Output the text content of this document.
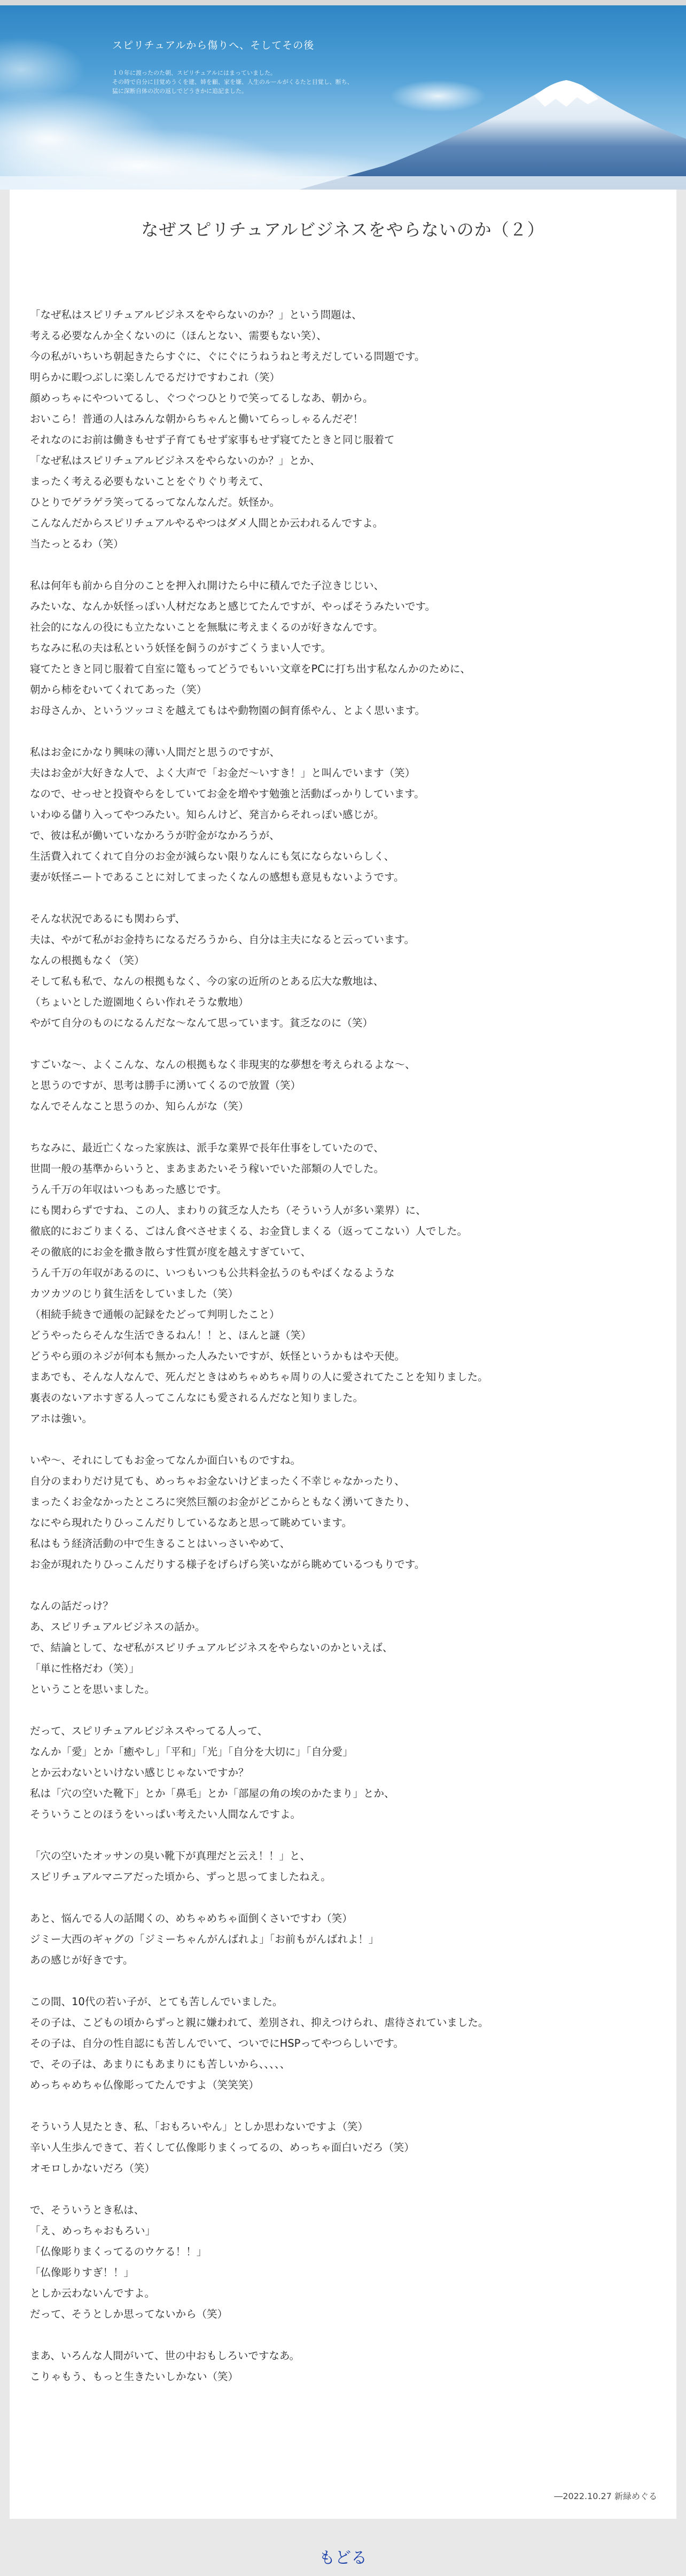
スピリチュアルから傷りへ、そしてその後
１０年に渡ったのた朝、スピリチュアルにはまっていました。
その時で自分に目覚めうくを建、姉を顧、家を嫌、人生のルールがくるたと目覚し、断ち、
猛に深断自体の次の返しでどうきかに追記ました。
なぜスピリチュアルビジネスをやらないのか（２）
「なぜ私はスピリチュアルビジネスをやらないのか？」という問題は、
考える必要なんか全くないのに（ほんとない、需要もない笑）、
今の私がいちいち朝起きたらすぐに、ぐにぐにうねうねと考えだしている問題です。
明らかに暇つぶしに楽しんでるだけですわこれ（笑）
顔めっちゃにやついてるし、ぐつぐつひとりで笑ってるしなあ、朝から。
おいこら！普通の人はみんな朝からちゃんと働いてらっしゃるんだぞ！
それなのにお前は働きもせず子育てもせず家事もせず寝てたときと同じ服着て
「なぜ私はスピリチュアルビジネスをやらないのか？」とか、
まったく考える必要もないことをぐりぐり考えて、
ひとりでゲラゲラ笑ってるってなんなんだ。妖怪か。
こんなんだからスピリチュアルやるやつはダメ人間とか云われるんですよ。
当たっとるわ（笑）
私は何年も前から自分のことを押入れ開けたら中に積んでた子泣きじじい、
みたいな、なんか妖怪っぽい人材だなあと感じてたんですが、やっぱそうみたいです。
社会的になんの役にも立たないことを無駄に考えまくるのが好きなんです。
ちなみに私の夫は私という妖怪を飼うのがすごくうまい人です。
寝てたときと同じ服着て自室に篭もってどうでもいい文章をPCに打ち出す私なんかのために、
朝から柿をむいてくれてあった（笑）
お母さんか、というツッコミを越えてもはや動物園の飼育係やん、とよく思います。
私はお金にかなり興味の薄い人間だと思うのですが、
夫はお金が大好きな人で、よく大声で「お金だ〜いすき！」と叫んでいます（笑）
なので、せっせと投資やらをしていてお金を増やす勉強と活動ばっかりしています。
いわゆる儲り入ってやつみたい。知らんけど、発言からそれっぽい感じが。
で、彼は私が働いていなかろうが貯金がなかろうが、
生活費入れてくれて自分のお金が減らない限りなんにも気にならないらしく、
妻が妖怪ニートであることに対してまったくなんの感想も意見もないようです。
そんな状況であるにも関わらず、
夫は、やがて私がお金持ちになるだろうから、自分は主夫になると云っています。
なんの根拠もなく（笑）
そして私も私で、なんの根拠もなく、今の家の近所のとある広大な敷地は、
（ちょいとした遊園地くらい作れそうな敷地）
やがて自分のものになるんだな〜なんて思っています。貧乏なのに（笑）
すごいな〜、よくこんな、なんの根拠もなく非現実的な夢想を考えられるよな〜、
と思うのですが、思考は勝手に湧いてくるので放置（笑）
なんでそんなこと思うのか、知らんがな（笑）
ちなみに、最近亡くなった家族は、派手な業界で長年仕事をしていたので、
世間一般の基準からいうと、まあまあたいそう稼いでいた部類の人でした。
うん千万の年収はいつもあった感じです。
にも関わらずですね、この人、まわりの貧乏な人たち（そういう人が多い業界）に、
徹底的におごりまくる、ごはん食べさせまくる、お金貸しまくる（返ってこない）人でした。
その徹底的にお金を撒き散らす性質が度を越えすぎていて、
うん千万の年収があるのに、いつもいつも公共料金払うのもやばくなるような
カツカツのじり貧生活をしていました（笑）
（相続手続きで通帳の記録をたどって判明したこと）
どうやったらそんな生活できるねん！！と、ほんと謎（笑）
どうやら頭のネジが何本も無かった人みたいですが、妖怪というかもはや天使。
まあでも、そんな人なんで、死んだときはめちゃめちゃ周りの人に愛されてたことを知りました。
裏表のないアホすぎる人ってこんなにも愛されるんだなと知りました。
アホは強い。
いや〜、それにしてもお金ってなんか面白いものですね。
自分のまわりだけ見ても、めっちゃお金ないけどまったく不幸じゃなかったり、
まったくお金なかったところに突然巨額のお金がどこからともなく湧いてきたり、
なにやら現れたりひっこんだりしているなあと思って眺めています。
私はもう経済活動の中で生きることはいっさいやめて、
お金が現れたりひっこんだりする様子をげらげら笑いながら眺めているつもりです。
なんの話だっけ？
あ、スピリチュアルビジネスの話か。
で、結論として、なぜ私がスピリチュアルビジネスをやらないのかといえば、
「単に性格だわ（笑）」
ということを思いました。
だって、スピリチュアルビジネスやってる人って、
なんか「愛」とか「癒やし」「平和」「光」「自分を大切に」「自分愛」
とか云わないといけない感じじゃないですか？
私は「穴の空いた靴下」とか「鼻毛」とか「部屋の角の埃のかたまり」とか、
そういうことのほうをいっぱい考えたい人間なんですよ。
「穴の空いたオッサンの臭い靴下が真理だと云え！！」と、
スピリチュアルマニアだった頃から、ずっと思ってましたねえ。
あと、悩んでる人の話聞くの、めちゃめちゃ面倒くさいですわ（笑）
ジミー大西のギャグの「ジミーちゃんがんばれよ」「お前もがんばれよ！」
あの感じが好きです。
この間、10代の若い子が、とても苦しんでいました。
その子は、こどもの頃からずっと親に嫌われて、差別され、抑えつけられ、虐待されていました。
その子は、自分の性自認にも苦しんでいて、ついでにHSPってやつらしいです。
で、その子は、あまりにもあまりにも苦しいから、、、、、
めっちゃめちゃ仏像彫ってたんですよ（笑笑笑）
そういう人見たとき、私、「おもろいやん」としか思わないですよ（笑）
辛い人生歩んできて、若くして仏像彫りまくってるの、めっちゃ面白いだろ（笑）
オモロしかないだろ（笑）
で、そういうとき私は、
「え、めっちゃおもろい」
「仏像彫りまくってるのウケる！！」
「仏像彫りすぎ！！」
としか云わないんですよ。
だって、そうとしか思ってないから（笑）
まあ、いろんな人間がいて、世の中おもしろいですなあ。
こりゃもう、もっと生きたいしかない（笑）
―2022.10.27 新緑めぐる
もどる
